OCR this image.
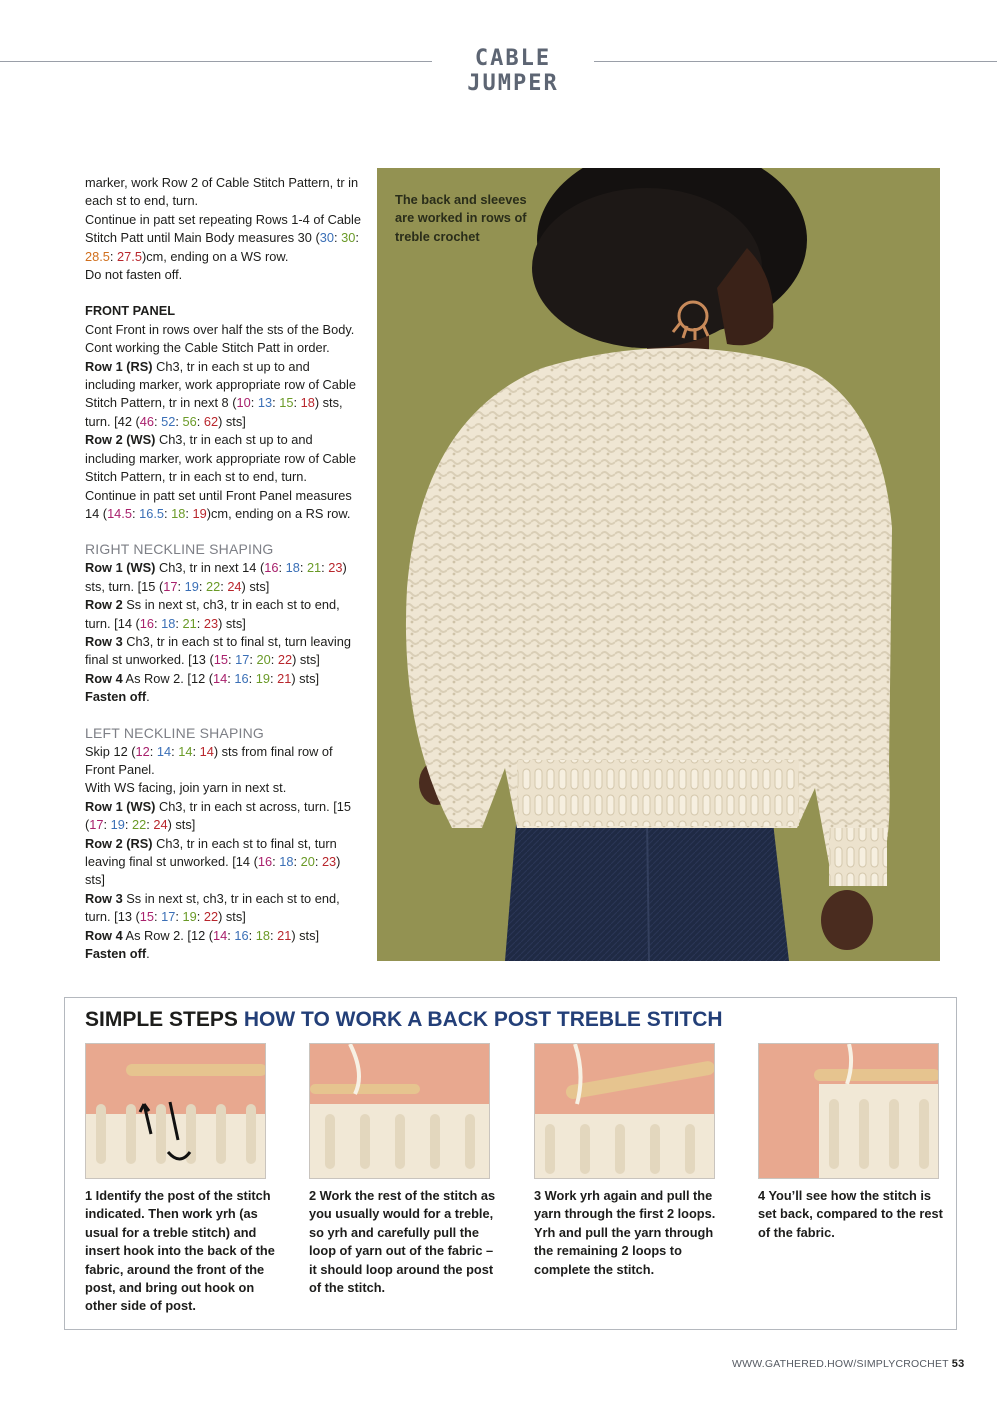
CABLE JUMPER

marker, work Row 2 of Cable Stitch Pattern, tr in each st to end, turn.

Continue in patt set repeating Rows 1-4 of Cable Stitch Patt until Main Body measures 30 (30: 30: 28.5: 27.5)cm, ending on a WS row.

Do not fasten off.

FRONT PANEL

Cont Front in rows over half the sts of the Body. Cont working the Cable Stitch Patt in order.

Row 1 (RS) Ch3, tr in each st up to and including marker, work appropriate row of Cable Stitch Pattern, tr in next 8 (10: 13: 15: 18) sts, turn. [42 (46: 52: 56: 62) sts]

Row 2 (WS) Ch3, tr in each st up to and including marker, work appropriate row of Cable Stitch Pattern, tr in each st to end, turn.

Continue in patt set until Front Panel measures 14 (14.5: 16.5: 18: 19)cm, ending on a RS row.

RIGHT NECKLINE SHAPING

Row 1 (WS) Ch3, tr in next 14 (16: 18: 21: 23) sts, turn. [15 (17: 19: 22: 24) sts]

Row 2 Ss in next st, ch3, tr in each st to end, turn. [14 (16: 18: 21: 23) sts]

Row 3 Ch3, tr in each st to final st, turn leaving final st unworked. [13 (15: 17: 20: 22) sts]

Row 4 As Row 2. [12 (14: 16: 19: 21) sts]

Fasten off.

LEFT NECKLINE SHAPING

Skip 12 (12: 14: 14: 14) sts from final row of Front Panel.

With WS facing, join yarn in next st.

Row 1 (WS) Ch3, tr in each st across, turn. [15 (17: 19: 22: 24) sts]

Row 2 (RS) Ch3, tr in each st to final st, turn leaving final st unworked. [14 (16: 18: 20: 23) sts]

Row 3 Ss in next st, ch3, tr in each st to end, turn. [13 (15: 17: 19: 22) sts]

Row 4 As Row 2. [12 (14: 16: 18: 21) sts]

Fasten off.

The back and sleeves are worked in rows of treble crochet
SIMPLE STEPS HOW TO WORK A BACK POST TREBLE STITCH
1 Identify the post of the stitch indicated. Then work yrh (as usual for a treble stitch) and insert hook into the back of the fabric, around the front of the post, and bring out hook on other side of post.
2 Work the rest of the stitch as you usually would for a treble, so yrh and carefully pull the loop of yarn out of the fabric – it should loop around the post of the stitch.
3 Work yrh again and pull the yarn through the first 2 loops. Yrh and pull the yarn through the remaining 2 loops to complete the stitch.
4 You’ll see how the stitch is set back, compared to the rest of the fabric.
WWW.GATHERED.HOW/SIMPLYCROCHET 53
